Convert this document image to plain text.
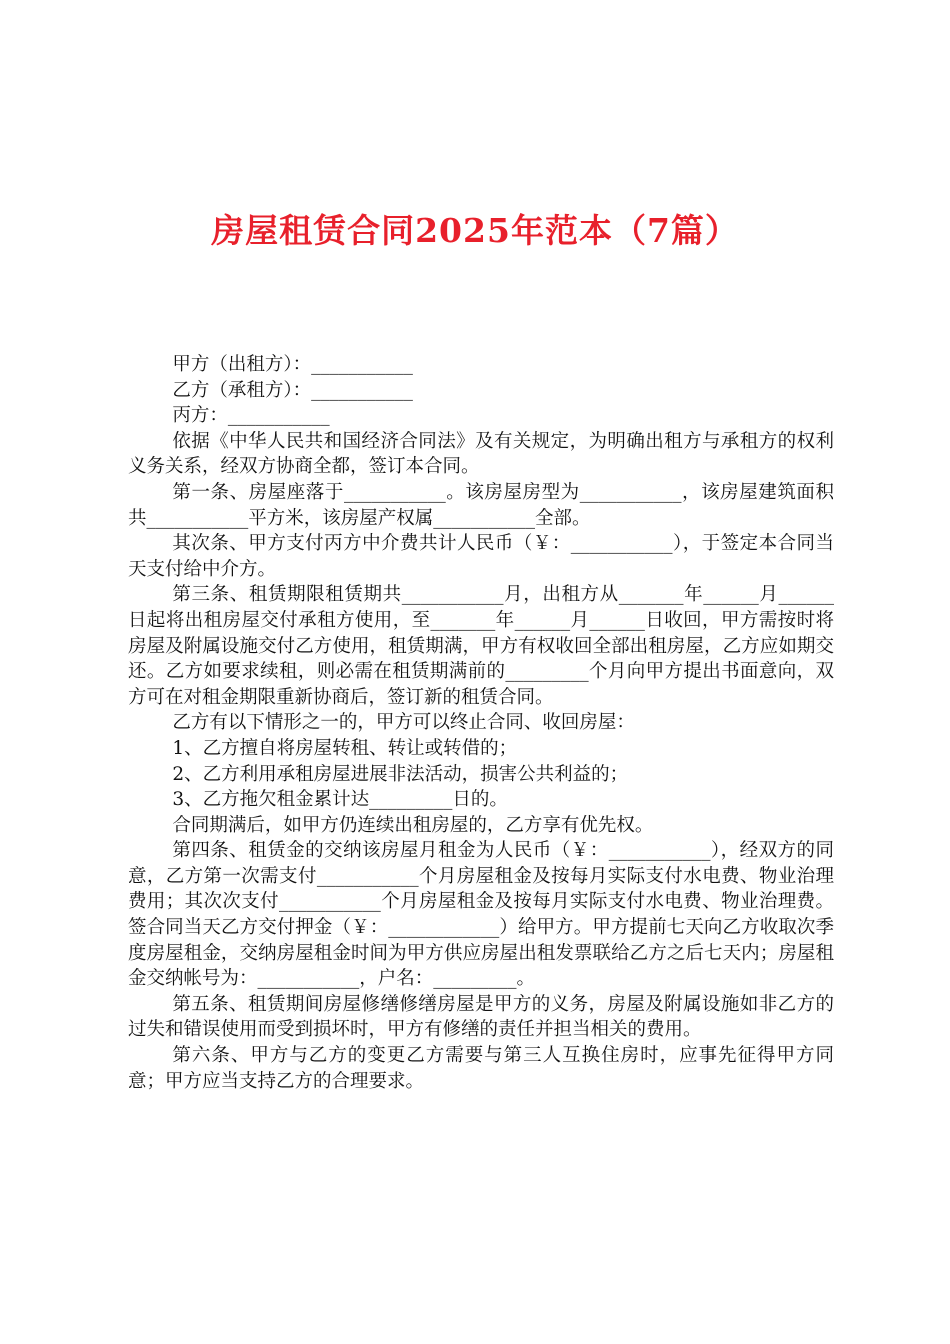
房屋租赁合同2025年范本（7篇）

甲方（出租方）：___________

乙方（承租方）：___________

丙方：___________

依据《中华人民共和国经济合同法》及有关规定，为明确出租方与承租方的权利义务关系，经双方协商全都，签订本合同。

第一条、房屋座落于___________。该房屋房型为___________，该房屋建筑面积共___________平方米，该房屋产权属___________全部。

其次条、甲方支付丙方中介费共计人民币（￥：___________），于签定本合同当天支付给中介方。

第三条、租赁期限租赁期共___________月，出租方从_______年______月______日起将出租房屋交付承租方使用，至_______年______月______日收回，甲方需按时将房屋及附属设施交付乙方使用，租赁期满，甲方有权收回全部出租房屋，乙方应如期交还。乙方如要求续租，则必需在租赁期满前的_________个月向甲方提出书面意向，双方可在对租金期限重新协商后，签订新的租赁合同。

乙方有以下情形之一的，甲方可以终止合同、收回房屋：

1、乙方擅自将房屋转租、转让或转借的；

2、乙方利用承租房屋进展非法活动，损害公共利益的；

3、乙方拖欠租金累计达_________日的。

合同期满后，如甲方仍连续出租房屋的，乙方享有优先权。

第四条、租赁金的交纳该房屋月租金为人民币（￥：___________），经双方的同意，乙方第一次需支付___________个月房屋租金及按每月实际支付水电费、物业治理费用；其次次支付___________个月房屋租金及按每月实际支付水电费、物业治理费。签合同当天乙方交付押金（￥：____________）给甲方。甲方提前七天向乙方收取次季度房屋租金，交纳房屋租金时间为甲方供应房屋出租发票联给乙方之后七天内；房屋租金交纳帐号为：___________，户名：_________。

第五条、租赁期间房屋修缮修缮房屋是甲方的义务，房屋及附属设施如非乙方的过失和错误使用而受到损坏时，甲方有修缮的责任并担当相关的费用。

第六条、甲方与乙方的变更乙方需要与第三人互换住房时，应事先征得甲方同意；甲方应当支持乙方的合理要求。
